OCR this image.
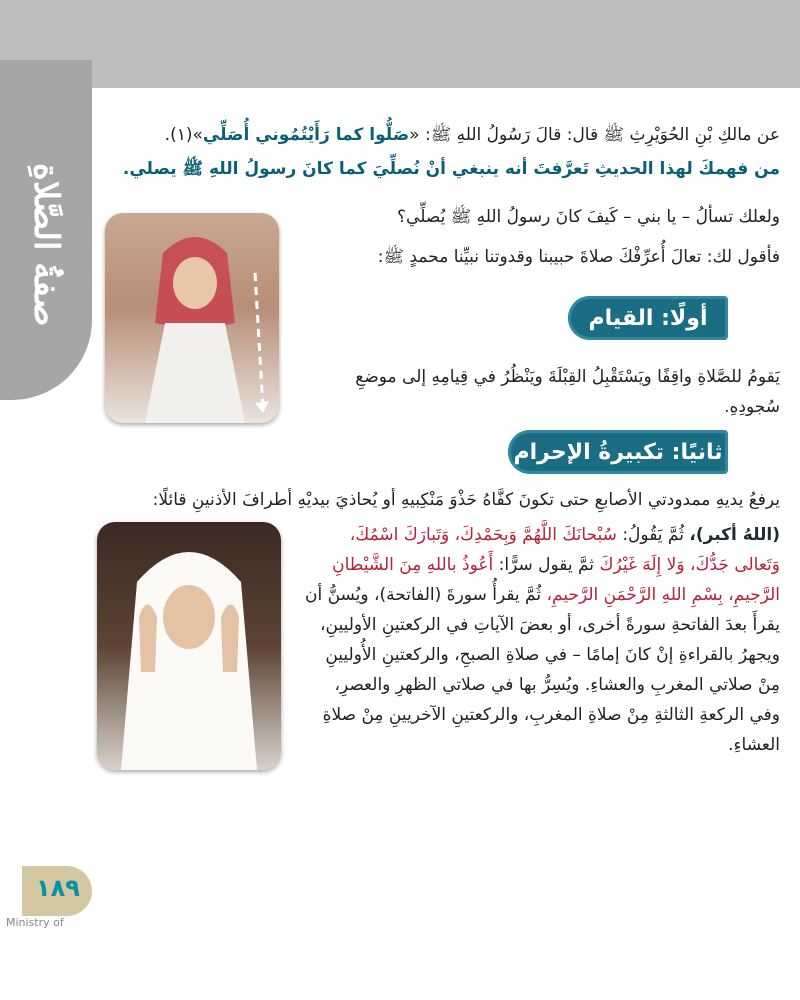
صفةُ الصَّلاةِ
عن مالكِ بْنِ الحُوَيْرِثِ ﷺ قال: قالَ رَسُولُ اللهِ ﷺ: «صَلُّوا كما رَأَيْتُمُوني أُصَلِّي»(١).
من فهمكَ لهذا الحديثِ تَعرَّفتَ أنه ينبغي أنْ نُصلِّيَ كما كانَ رسولُ اللهِ ﷺ يصلي.
ولعلك تسألُ – يا بني – كَيفَ كانَ رسولُ اللهِ ﷺ يُصلِّي؟
فأقول لك: تعالَ أُعرِّفْكَ صلاةَ حبيبنا وقدوتنا نبيِّنا محمدٍ ﷺ:
أولًا: القيام
يَقومُ للصَّلاةِ واقِفًا ويَسْتَقْبِلُ القِبْلَةَ ويَنْظُرُ في قِيامِهِ إلى موضعِ سُجودِهِ.
ثانيًا: تكبيرةُ الإحرام
يرفعُ يديهِ ممدودتي الأصابعِ حتى تكونَ كفَّاهُ حَذْوَ مَنْكِبيهِ أو يُحاذيَ بيديْهِ أطرافَ الأذنينِ قائلًا:
(اللهُ أكبر)، ثُمَّ يَقُولُ: سُبْحانَكَ اللَّهُمَّ وَبِحَمْدِكَ، وَتَبارَكَ اسْمُكَ، وَتَعالى جَدُّكَ، وَلا إِلَهَ غَيْرُكَ ثمَّ يقول سرًّا: أَعُوذُ باللهِ مِنَ الشَّيْطانِ الرَّجيمِ، بِسْمِ اللهِ الرَّحْمَنِ الرَّحيمِ، ثُمَّ يقرأُ سورةَ (الفاتحة)، ويُسنُّ أن يقرأَ بعدَ الفاتحةِ سورةً أخرى، أو بعضَ الآياتِ في الركعتينِ الأوليينِ، ويجهرُ بالقراءةِ إنْ كانَ إمامًا – في صلاةِ الصبحِ، والركعتينِ الأُوليينِ مِنْ صلاتي المغربِ والعشاءِ. ويُسِرُّ بها في صلاتي الظهرِ والعصرِ، وفي الركعةِ الثالثةِ مِنْ صلاةِ المغربِ، والركعتينِ الآخريينِ مِنْ صلاةِ العشاءِ.
١٨٩
Ministry of
